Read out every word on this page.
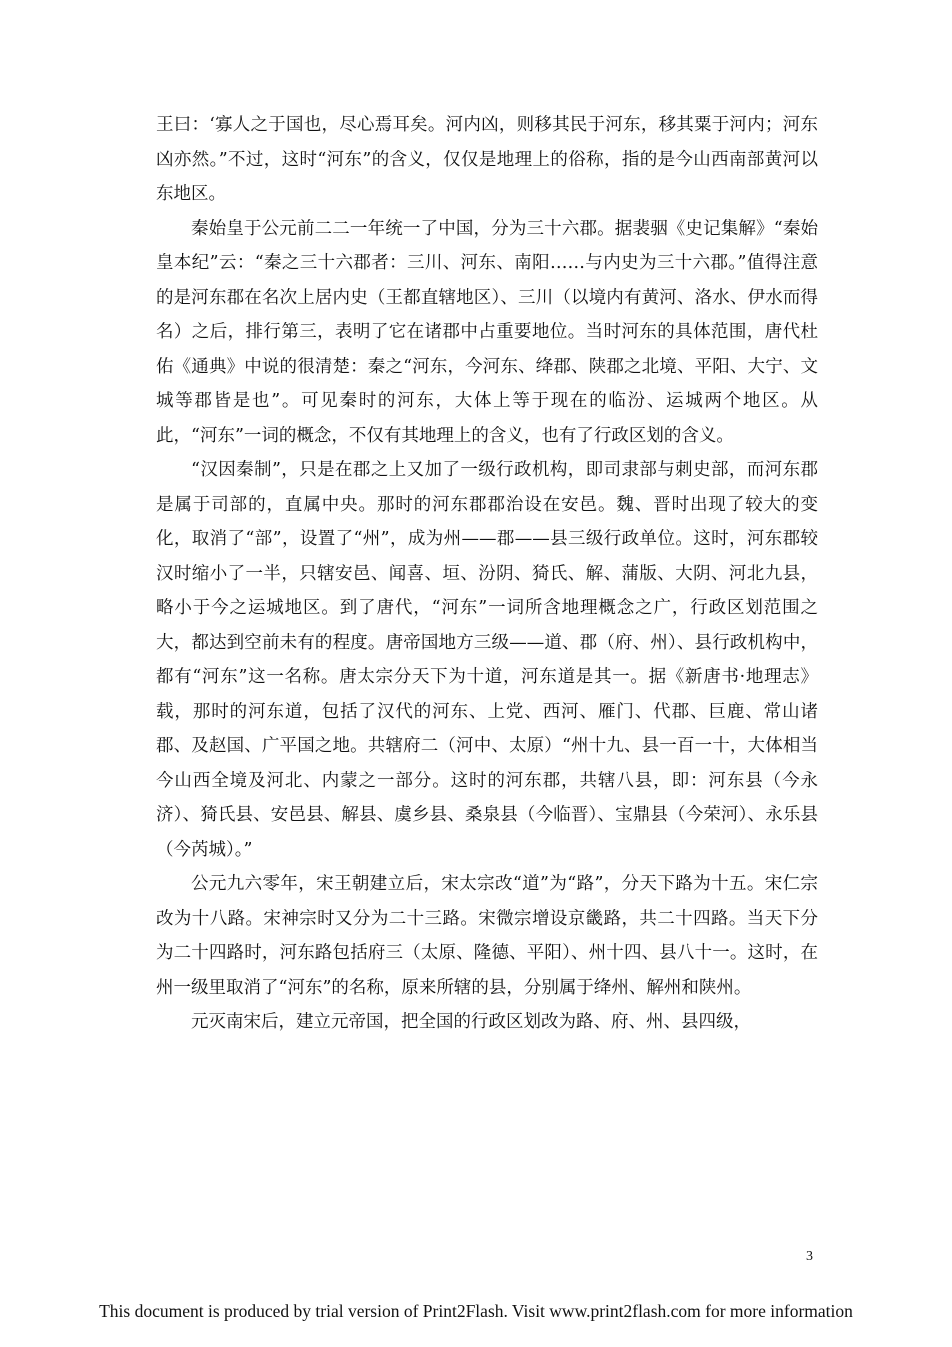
王曰：‘寡人之于国也，尽心焉耳矣。河内凶，则移其民于河东，移其粟于河内；河东凶亦然。”不过，这时“河东”的含义，仅仅是地理上的俗称，指的是今山西南部黄河以东地区。

秦始皇于公元前二二一年统一了中国，分为三十六郡。据裴骃《史记集解》“秦始皇本纪”云：“秦之三十六郡者：三川、河东、南阳……与内史为三十六郡。”值得注意的是河东郡在名次上居内史（王都直辖地区）、三川（以境内有黄河、洛水、伊水而得名）之后，排行第三，表明了它在诸郡中占重要地位。当时河东的具体范围，唐代杜佑《通典》中说的很清楚：秦之“河东，今河东、绛郡、陕郡之北境、平阳、大宁、文城等郡皆是也”。可见秦时的河东，大体上等于现在的临汾、运城两个地区。从此，“河东”一词的概念，不仅有其地理上的含义，也有了行政区划的含义。

“汉因秦制”，只是在郡之上又加了一级行政机构，即司隶部与刺史部，而河东郡是属于司部的，直属中央。那时的河东郡郡治设在安邑。魏、晋时出现了较大的变化，取消了“部”，设置了“州”，成为州——郡——县三级行政单位。这时，河东郡较汉时缩小了一半，只辖安邑、闻喜、垣、汾阴、猗氏、解、蒲版、大阴、河北九县，略小于今之运城地区。到了唐代，“河东”一词所含地理概念之广，行政区划范围之大，都达到空前未有的程度。唐帝国地方三级——道、郡（府、州）、县行政机构中，都有“河东”这一名称。唐太宗分天下为十道，河东道是其一。据《新唐书·地理志》载，那时的河东道，包括了汉代的河东、上党、西河、雁门、代郡、巨鹿、常山诸郡、及赵国、广平国之地。共辖府二（河中、太原）“州十九、县一百一十，大体相当今山西全境及河北、内蒙之一部分。这时的河东郡，共辖八县，即：河东县（今永济）、猗氏县、安邑县、解县、虞乡县、桑泉县（今临晋）、宝鼎县（今荣河）、永乐县（今芮城）。”

公元九六零年，宋王朝建立后，宋太宗改“道”为“路”，分天下路为十五。宋仁宗改为十八路。宋神宗时又分为二十三路。宋微宗增设京畿路，共二十四路。当天下分为二十四路时，河东路包括府三（太原、隆德、平阳）、州十四、县八十一。这时，在州一级里取消了“河东”的名称，原来所辖的县，分别属于绛州、解州和陕州。

元灭南宋后，建立元帝国，把全国的行政区划改为路、府、州、县四级，

3
This document is produced by trial version of Print2Flash. Visit www.print2flash.com for more information
